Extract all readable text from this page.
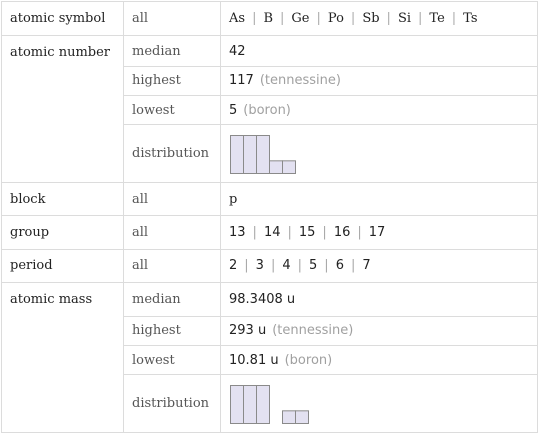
atomic symbol	all	As | B | Ge | Po | Sb | Si | Te | Ts
atomic number	median	42
	highest	117 (tennessine)
	lowest	5 (boron)
	distribution	

block	all	p
group	all	13 | 14 | 15 | 16 | 17
period	all	2 | 3 | 4 | 5 | 6 | 7
atomic mass	median	98.3408 u
	highest	293 u (tennessine)
	lowest	10.81 u (boron)
	distribution	
